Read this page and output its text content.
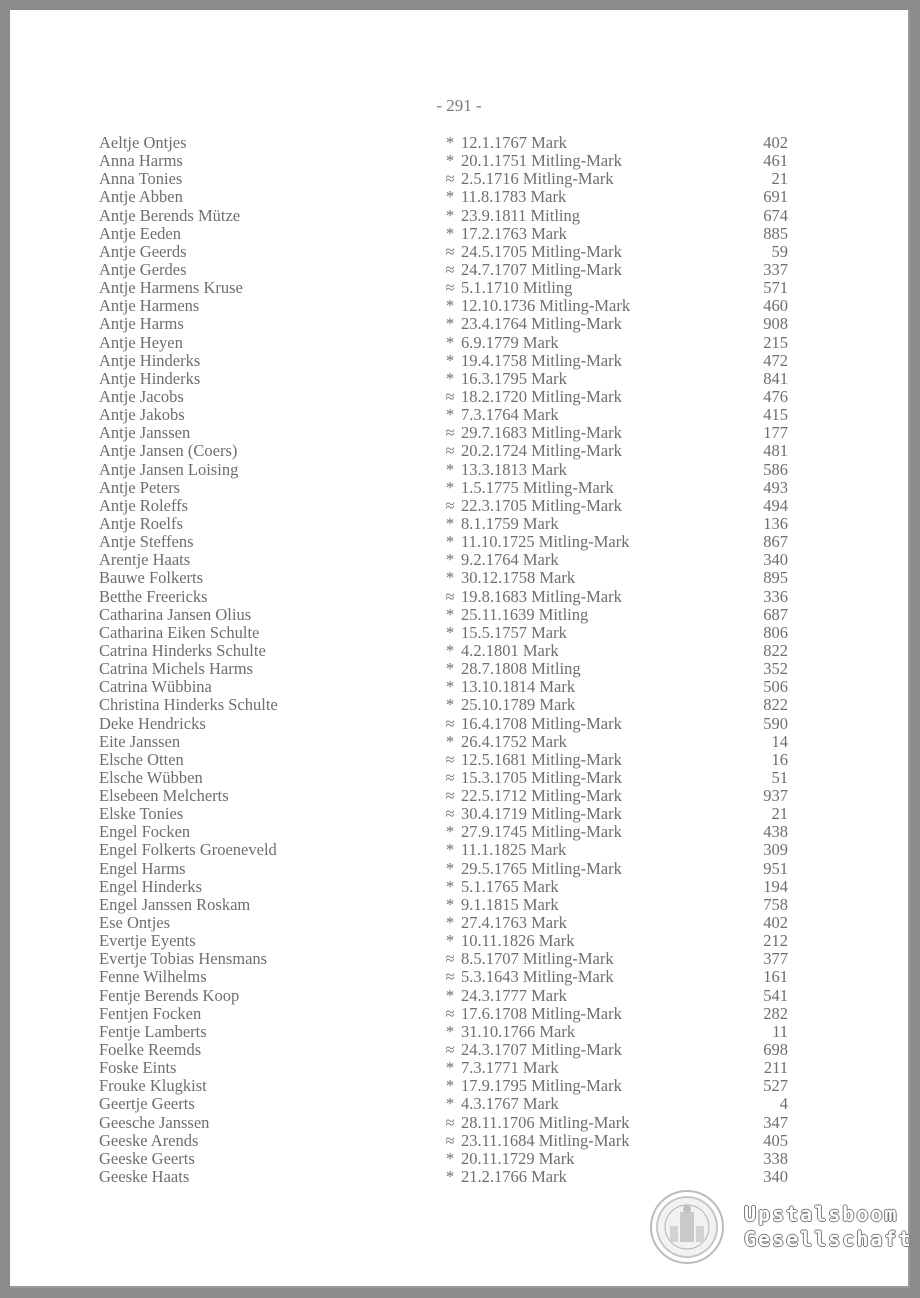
- 291 -
Aeltje Ontjes	* 12.1.1767 Mark	402
Anna Harms	* 20.1.1751 Mitling-Mark	461
Anna Tonies	≈ 2.5.1716 Mitling-Mark	21
Antje Abben	* 11.8.1783 Mark	691
Antje Berends Mütze	* 23.9.1811 Mitling	674
Antje Eeden	* 17.2.1763 Mark	885
Antje Geerds	≈ 24.5.1705 Mitling-Mark	59
Antje Gerdes	≈ 24.7.1707 Mitling-Mark	337
Antje Harmens Kruse	≈ 5.1.1710 Mitling	571
Antje Harmens	* 12.10.1736 Mitling-Mark	460
Antje Harms	* 23.4.1764 Mitling-Mark	908
Antje Heyen	* 6.9.1779 Mark	215
Antje Hinderks	* 19.4.1758 Mitling-Mark	472
Antje Hinderks	* 16.3.1795 Mark	841
Antje Jacobs	≈ 18.2.1720 Mitling-Mark	476
Antje Jakobs	* 7.3.1764 Mark	415
Antje Janssen	≈ 29.7.1683 Mitling-Mark	177
Antje Jansen (Coers)	≈ 20.2.1724 Mitling-Mark	481
Antje Jansen Loising	* 13.3.1813 Mark	586
Antje Peters	* 1.5.1775 Mitling-Mark	493
Antje Roleffs	≈ 22.3.1705 Mitling-Mark	494
Antje Roelfs	* 8.1.1759 Mark	136
Antje Steffens	* 11.10.1725 Mitling-Mark	867
Arentje Haats	* 9.2.1764 Mark	340
Bauwe Folkerts	* 30.12.1758 Mark	895
Betthe Freericks	≈ 19.8.1683 Mitling-Mark	336
Catharina Jansen Olius	* 25.11.1639 Mitling	687
Catharina Eiken Schulte	* 15.5.1757 Mark	806
Catrina Hinderks Schulte	* 4.2.1801 Mark	822
Catrina Michels Harms	* 28.7.1808 Mitling	352
Catrina Wübbina	* 13.10.1814 Mark	506
Christina Hinderks Schulte	* 25.10.1789 Mark	822
Deke Hendricks	≈ 16.4.1708 Mitling-Mark	590
Eite Janssen	* 26.4.1752 Mark	14
Elsche Otten	≈ 12.5.1681 Mitling-Mark	16
Elsche Wübben	≈ 15.3.1705 Mitling-Mark	51
Elsebeen Melcherts	≈ 22.5.1712 Mitling-Mark	937
Elske Tonies	≈ 30.4.1719 Mitling-Mark	21
Engel Focken	* 27.9.1745 Mitling-Mark	438
Engel Folkerts Groeneveld	* 11.1.1825 Mark	309
Engel Harms	* 29.5.1765 Mitling-Mark	951
Engel Hinderks	* 5.1.1765 Mark	194
Engel Janssen Roskam	* 9.1.1815 Mark	758
Ese Ontjes	* 27.4.1763 Mark	402
Evertje Eyents	* 10.11.1826 Mark	212
Evertje Tobias Hensmans	≈ 8.5.1707 Mitling-Mark	377
Fenne Wilhelms	≈ 5.3.1643 Mitling-Mark	161
Fentje Berends Koop	* 24.3.1777 Mark	541
Fentjen Focken	≈ 17.6.1708 Mitling-Mark	282
Fentje Lamberts	* 31.10.1766 Mark	11
Foelke Reemds	≈ 24.3.1707 Mitling-Mark	698
Foske Eints	* 7.3.1771 Mark	211
Frouke Klugkist	* 17.9.1795 Mitling-Mark	527
Geertje Geerts	* 4.3.1767 Mark	4
Geesche Janssen	≈ 28.11.1706 Mitling-Mark	347
Geeske Arends	≈ 23.11.1684 Mitling-Mark	405
Geeske Geerts	* 20.11.1729 Mark	338
Geeske Haats	* 21.2.1766 Mark	340
Upstalsboom
Gesellschaft
